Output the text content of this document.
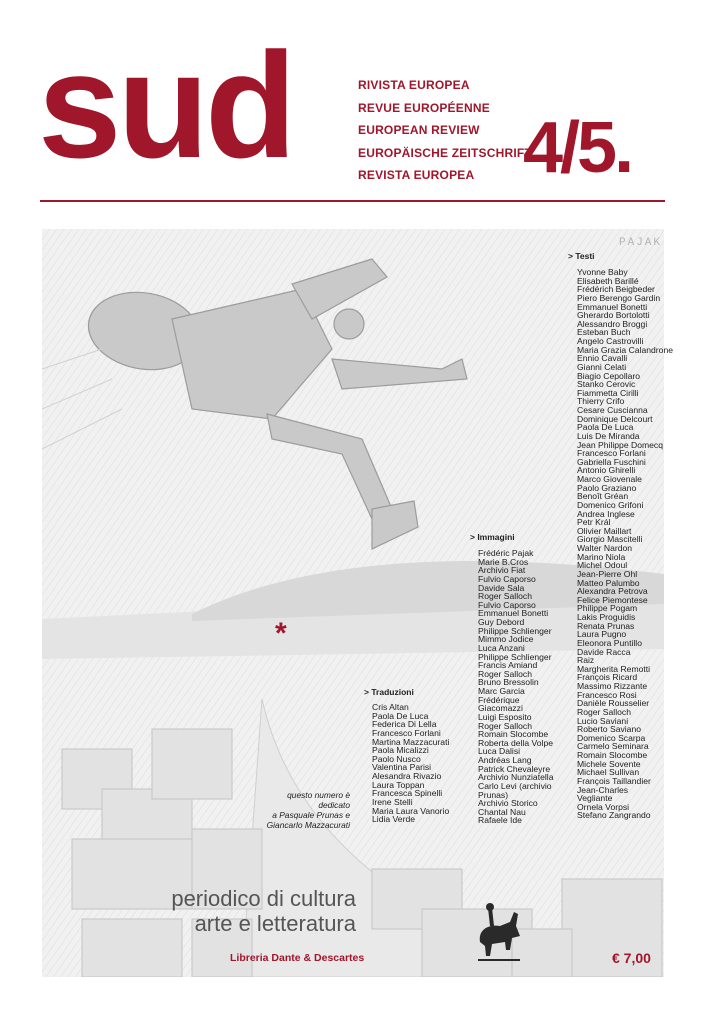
sud	RIVISTA EUROPEA
REVUE EUROPÉENNE
EUROPEAN REVIEW
EUROPÄISCHE ZEITSCHRIFT
REVISTA EUROPEA 4/5.
PAJAK
> Testi
Yvonne Baby
Elisabeth Barillé
Frédérich Beigbeder
Piero Berengo Gardin
Emmanuel Bonetti
Gherardo Bortolotti
Alessandro Broggi
Esteban Buch
Angelo Castrovilli
Maria Grazia Calandrone
Ennio Cavalli
Gianni Celati
Biagio Cepollaro
Stanko Cerovic
Fiammetta Cirilli
Thierry Crifo
Cesare Cuscianna
Dominique Delcourt
Paola De Luca
Luis De Miranda
Jean Philippe Domecq
Francesco Forlani
Gabriella Fuschini
Antonio Ghirelli
Marco Giovenale
Paolo Graziano
Benoît Gréan
Domenico Grifoni
Andrea Inglese
Petr Král
Olivier Maillart
Giorgio Mascitelli
Walter Nardon
Marino Niola
Michel Odoul
Jean-Pierre Ohl
Matteo Palumbo
Alexandra Petrova
Felice Piemontese
Philippe Pogam
Lakis Proguidis
Renata Prunas
Laura Pugno
Eleonora Puntillo
Davide Racca
Raiz
Margherita Remotti
François Ricard
Massimo Rizzante
Francesco Rosi
Danièle Rousselier
Roger Salloch
Lucio Saviani
Roberto Saviano
Domenico Scarpa
Carmelo Seminara
Romain Slocombe
Michele Sovente
Michael Sullivan
François Taillandier
Jean-Charles
Vegliante
Ornela Vorpsi
Stefano Zangrando
> Immagini
Frédéric Pajak
Marie B.Cros
Archivio Fiat
Fulvio Caporso
Davide Sala
Roger Salloch
Fulvio Caporso
Emmanuel Bonetti
Guy Debord
Philippe Schlienger
Mimmo Jodice
Luca Anzani
Philippe Schlienger
Francis Amiand
Roger Salloch
Bruno Bressolin
Marc Garcia
Frédérique
Giacomazzi
Luigi Esposito
Roger Salloch
Romain Slocombe
Roberta della Volpe
Luca Dalisi
Andréas Lang
Patrick Chevaleyre
Archivio Nunziatella
Carlo Levi (archivio
Prunas)
Archivio Storico
Chantal Nau
Rafaele Ide
> Traduzioni
Cris Altan
Paola De Luca
Federica Di Lella
Francesco Forlani
Martina Mazzacurati
Paola Micalizzi
Paolo Nusco
Valentina Parisi
Alesandra Rivazio
Laura Toppan
Francesca Spinelli
Irene Stelli
Maria Laura Vanorio
Lidia Verde
questo numero è
dedicato
a Pasquale Prunas e
Giancarlo Mazzacurati
*
periodico di cultura
arte e letteratura
Libreria Dante & Descartes	€ 7,00
